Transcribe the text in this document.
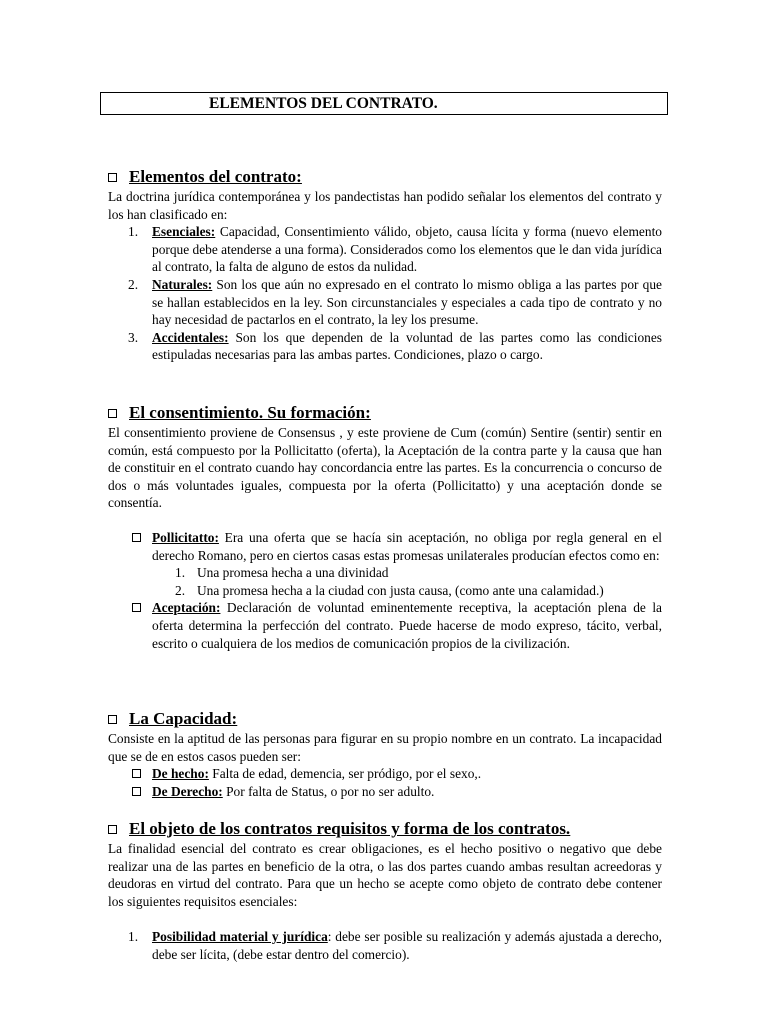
ELEMENTOS DEL CONTRATO.
Elementos del contrato:

La doctrina jurídica contemporánea y los pandectistas han podido señalar los elementos del contrato y los han clasificado en:

1. Esenciales: Capacidad, Consentimiento válido, objeto, causa lícita y forma (nuevo elemento porque debe atenderse a una forma). Considerados como los elementos que le dan vida jurídica al contrato, la falta de alguno de estos da nulidad.
2. Naturales: Son los que aún no expresado en el contrato lo mismo obliga a las partes por que se hallan establecidos en la ley. Son circunstanciales y especiales a cada tipo de contrato y no hay necesidad de pactarlos en el contrato, la ley los presume.
3. Accidentales: Son los que dependen de la voluntad de las partes como las condiciones estipuladas necesarias para las ambas partes. Condiciones, plazo o cargo.
El consentimiento. Su formación:

El consentimiento proviene de Consensus , y este proviene de Cum (común) Sentire (sentir) sentir en común, está compuesto por la Pollicitatto (oferta), la Aceptación de la contra parte y la causa que han de constituir en el contrato cuando hay concordancia entre las partes. Es la concurrencia o concurso de dos o más voluntades iguales, compuesta por la oferta (Pollicitatto) y una aceptación donde se consentía.

Pollicitatto: Era una oferta que se hacía sin aceptación, no obliga por regla general en el derecho Romano, pero en ciertos casas estas promesas unilaterales producían efectos como en:
1. Una promesa hecha a una divinidad
2. Una promesa hecha a la ciudad con justa causa, (como ante una calamidad.)
Aceptación: Declaración de voluntad eminentemente receptiva, la aceptación plena de la oferta determina la perfección del contrato. Puede hacerse de modo expreso, tácito, verbal, escrito o cualquiera de los medios de comunicación propios de la civilización.
La Capacidad:

Consiste en la aptitud de las personas para figurar en su propio nombre en un contrato. La incapacidad que se de en estos casos pueden ser:

De hecho: Falta de edad, demencia, ser pródigo, por el sexo,.
De Derecho: Por falta de Status, o por no ser adulto.
El objeto de los contratos requisitos y forma de los contratos.

La finalidad esencial del contrato es crear obligaciones, es el hecho positivo o negativo que debe realizar una de las partes en beneficio de la otra, o las dos partes cuando ambas resultan acreedoras y deudoras en virtud del contrato. Para que un hecho se acepte como objeto de contrato debe contener los siguientes requisitos esenciales:

1. Posibilidad material y jurídica: debe ser posible su realización y además ajustada a derecho, debe ser lícita, (debe estar dentro del comercio).
